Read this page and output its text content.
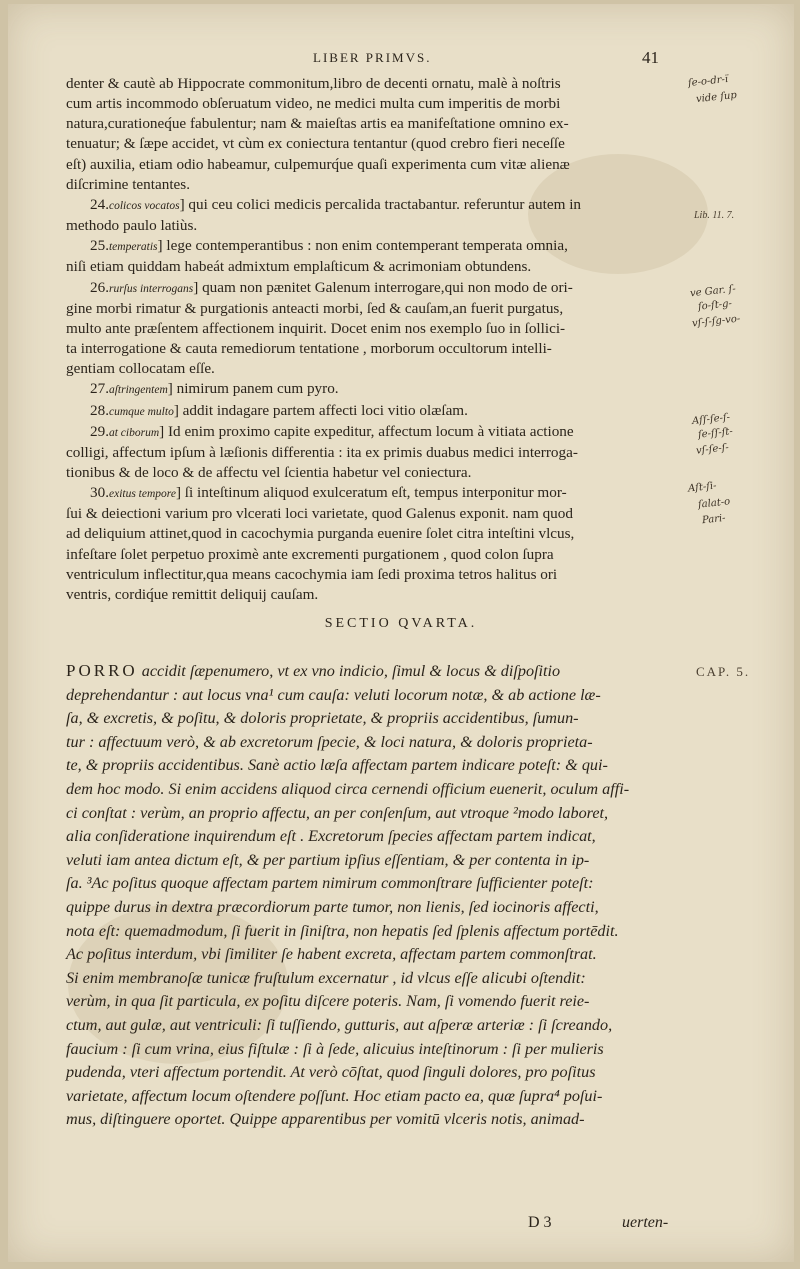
LIBER PRIMVS.	41

denter & cautè ab Hippocrate commonitum,libro de decenti ornatu, malè à noſtris

cum artis incommodo obſeruatum video, ne medici multa cum imperitis de morbi

natura,curationeq́ue fabulentur; nam & maieſtas artis ea manifeſtatione omnino ex-

tenuatur; & ſæpe accidet, vt cùm ex coniectura tentantur (quod crebro fieri neceſſe

eſt) auxilia, etiam odio habeamur, culpemurq́ue quaſi experimenta cum vitæ alienæ

diſcrimine tentantes.

24.colicos vocatos] qui ceu colici medicis percalida tractabantur. referuntur autem in

methodo paulo latiùs.

25.temperatis] lege contemperantibus : non enim contemperant temperata omnia,

niſi etiam quiddam habeát admixtum emplaſticum & acrimoniam obtundens.

26.rurſus interrogans] quam non pænitet Galenum interrogare,qui non modo de ori-

gine morbi rimatur & purgationis anteacti morbi, ſed & cauſam,an fuerit purgatus,

multo ante præſentem affectionem inquirit. Docet enim nos exemplo ſuo in ſollici-

ta interrogatione & cauta remediorum tentatione , morborum occultorum intelli-

gentiam collocatam eſſe.

27.aſtringentem] nimirum panem cum pyro.

28.cumque multo] addit indagare partem affecti loci vitio olæſam.

29.at ciborum] Id enim proximo capite expeditur, affectum locum à vitiata actione

colligi, affectum ipſum à læſionis differentia : ita ex primis duabus medici interroga-

tionibus & de loco & de affectu vel ſcientia habetur vel coniectura.

30.exitus tempore] ſi inteſtinum aliquod exulceratum eſt, tempus interponitur mor-

ſui & deiectioni varium pro vlcerati loci varietate, quod Galenus exponit. nam quod

ad deliquium attinet,quod in cacochymia purganda euenire ſolet citra inteſtini vlcus,

infeſtare ſolet perpetuo proximè ante excrementi purgationem , quod colon ſupra

ventriculum inflectitur,qua means cacochymia iam ſedi proxima tetros halitus ori

ventris, cordiq́ue remittit deliquij cauſam.

Lib. 11. 7.
ſe-o-dr-ï
vide ſup
ve Gar. ſ-
ſo-ſt-g-
vſ-ſ-ſg-vo-
Aſſ-ſe-ſ-
ſe-ſſ-ſt-
vſ-ſe-ſ-
Aſt-ſi-
ſalat-o
Pari-
SECTIO QVARTA.
CAP. 5.

PORRO accidit ſæpenumero, vt ex vno indicio, ſimul & locus & diſpoſitio

deprehendantur : aut locus vna¹ cum cauſa: veluti locorum notæ, & ab actione læ-

ſa, & excretis, & poſitu, & doloris proprietate, & propriis accidentibus, ſumun-

tur : affectuum verò, & ab excretorum ſpecie, & loci natura, & doloris proprieta-

te, & propriis accidentibus. Sanè actio læſa affectam partem indicare poteſt: & qui-

dem hoc modo. Si enim accidens aliquod circa cernendi officium euenerit, oculum affi-

ci conſtat : verùm, an proprio affectu, an per conſenſum, aut vtroque ²modo laboret,

alia conſideratione inquirendum eſt . Excretorum ſpecies affectam partem indicat,

veluti iam antea dictum eſt, & per partium ipſius eſſentiam, & per contenta in ip-

ſa. ³Ac poſitus quoque affectam partem nimirum commonſtrare ſufficienter poteſt:

quippe durus in dextra præcordiorum parte tumor, non lienis, ſed iocinoris affecti,

nota eſt: quemadmodum, ſi fuerit in ſiniſtra, non hepatis ſed ſplenis affectum portēdit.

Ac poſitus interdum, vbi ſimiliter ſe habent excreta, affectam partem commonſtrat.

Si enim membranoſæ tunicæ fruſtulum excernatur , id vlcus eſſe alicubi oſtendit:

verùm, in qua ſit particula, ex poſitu diſcere poteris. Nam, ſi vomendo fuerit reie-

ctum, aut gulæ, aut ventriculi: ſi tuſſiendo, gutturis, aut aſperæ arteriæ : ſi ſcreando,

faucium : ſi cum vrina, eius fiſtulæ : ſi à ſede, alicuius inteſtinorum : ſi per mulieris

pudenda, vteri affectum portendit. At verò cōſtat, quod ſinguli dolores, pro poſitus

varietate, affectum locum oſtendere poſſunt. Hoc etiam pacto ea, quæ ſupra⁴ poſui-

mus, diſtinguere oportet. Quippe apparentibus per vomitū vlceris notis, animad-

D 3	uerten-
